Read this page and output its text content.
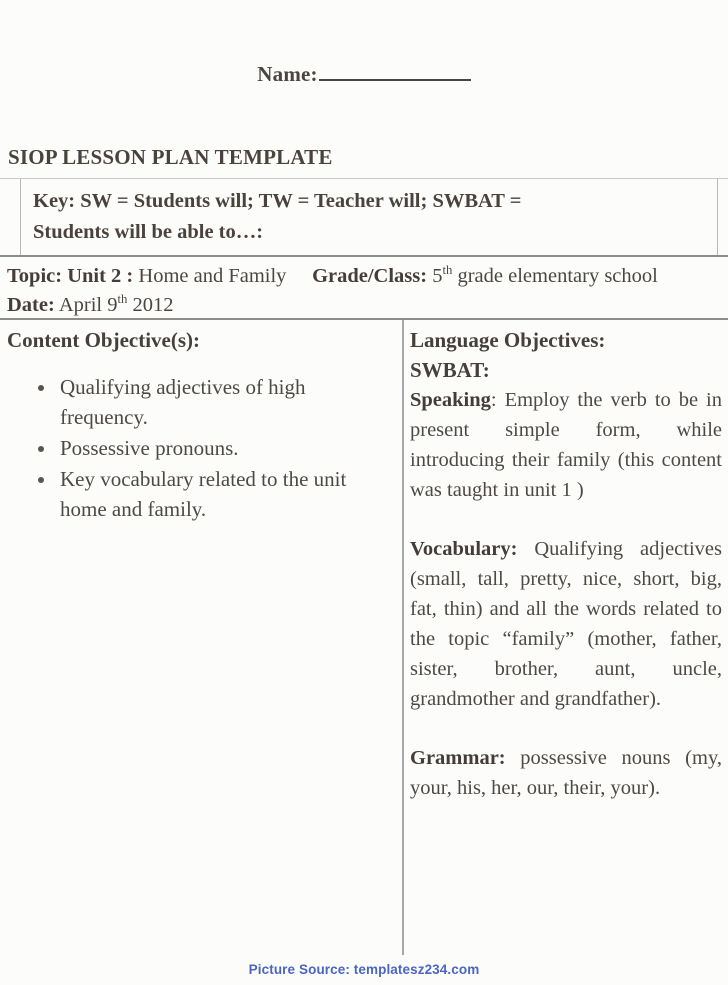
Name:
SIOP LESSON PLAN TEMPLATE
Key: SW = Students will; TW = Teacher will; SWBAT =
Students will be able to…:
Topic: Unit 2 : Home and Family Grade/Class: 5th grade elementary school     Date: April 9th 2012
Content Objective(s):
Qualifying adjectives of high frequency.
Possessive pronouns.
Key vocabulary related to the unit home and family.
Language Objectives:
SWBAT:

Speaking: Employ the verb to be in present simple form, while introducing their family (this content was taught in unit 1 )

Vocabulary: Qualifying adjectives (small, tall, pretty, nice, short, big, fat, thin) and all the words related to the topic “family” (mother, father, sister, brother, aunt, uncle, grandmother and grandfather).

Grammar: possessive nouns (my, your, his, her, our, their, your).

Picture Source: templatesz234.com
